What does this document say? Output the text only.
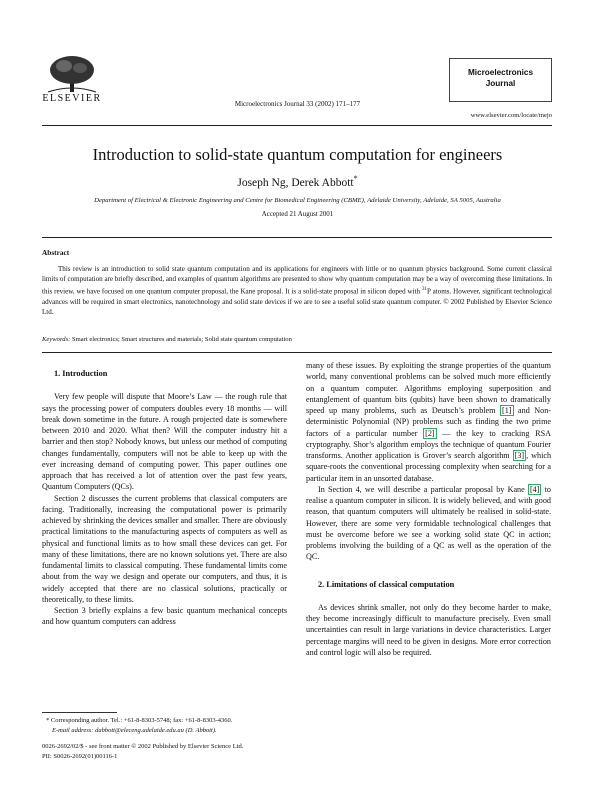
ELSEVIER	Microelectronics Journal 33 (2002) 171–177
Microelectronics
Journal
www.elsevier.com/locate/mejo
Introduction to solid-state quantum computation for engineers
Joseph Ng, Derek Abbott*
Department of Electrical & Electronic Engineering and Centre for Biomedical Engineering (CBME), Adelaide University, Adelaide, SA 5005, Australia
Accepted 21 August 2001
Abstract

This review is an introduction to solid state quantum computation and its applications for engineers with little or no quantum physics background. Some current classical limits of computation are briefly described, and examples of quantum algorithms are presented to show why quantum computation may be a way of overcoming these limitations. In this review, we have focused on one quantum computer proposal, the Kane proposal. It is a solid-state proposal in silicon doped with $^{31}$P atoms. However, significant technological advances will be required in smart electronics, nanotechnology and solid state devices if we are to see a useful solid state quantum computer. © 2002 Published by Elsevier Science Ltd.

Keywords: Smart electronics; Smart structures and materials; Solid state quantum computation

1. Introduction

Very few people will dispute that Moore’s Law — the rough rule that says the processing power of computers doubles every 18 months — will break down sometime in the future. A rough projected date is somewhere between 2010 and 2020. What then? Will the computer industry hit a barrier and then stop? Nobody knows, but unless our method of computing changes fundamentally, computers will not be able to keep up with the ever increasing demand of computing power. This paper outlines one approach that has received a lot of attention over the past few years, Quantum Computers (QCs).

Section 2 discusses the current problems that classical computers are facing. Traditionally, increasing the computational power is primarily achieved by shrinking the devices smaller and smaller. There are obviously practical limitations to the manufacturing aspects of computers as well as physical and functional limits as to how small these devices can get. For many of these limitations, there are no known solutions yet. There are also fundamental limits to classical computing. These fundamental limits come about from the way we design and operate our computers, and thus, it is widely accepted that there are no classical solutions, practically or theoretically, to these limits.

Section 3 briefly explains a few basic quantum mechanical concepts and how quantum computers can address

many of these issues. By exploiting the strange properties of the quantum world, many conventional problems can be solved much more efficiently on a quantum computer. Algorithms employing superposition and entanglement of quantum bits (qubits) have been shown to dramatically speed up many problems, such as Deutsch’s problem [1] and Non-deterministic Polynomial (NP) problems such as finding the two prime factors of a particular number [2] — the key to cracking RSA cryptography. Shor’s algorithm employs the technique of quantum Fourier transforms. Another application is Grover’s search algorithm [3] , which square-roots the conventional processing complexity when searching for a particular item in an unsorted database.

In Section 4, we will describe a particular proposal by Kane [4] to realise a quantum computer in silicon. It is widely believed, and with good reason, that quantum computers will ultimately be realised in solid-state. However, there are some very formidable technological challenges that must be overcome before we see a working solid state QC in action; problems involving the building of a QC as well as the operation of the QC.

2. Limitations of classical computation

As devices shrink smaller, not only do they become harder to make, they become increasingly difficult to manufacture precisely. Even small uncertainties can result in large variations in device characteristics. Larger percentage margins will need to be given in designs. More error correction and control logic will also be required.

* Corresponding author. Tel.: +61-8-8303-5748; fax: +61-8-8303-4360.
E-mail address: dabbott@eleceng.adelaide.edu.au (D. Abbott).
0026-2692/02/$ - see front matter © 2002 Published by Elsevier Science Ltd.
PII: S0026-2692(01)00116-1
